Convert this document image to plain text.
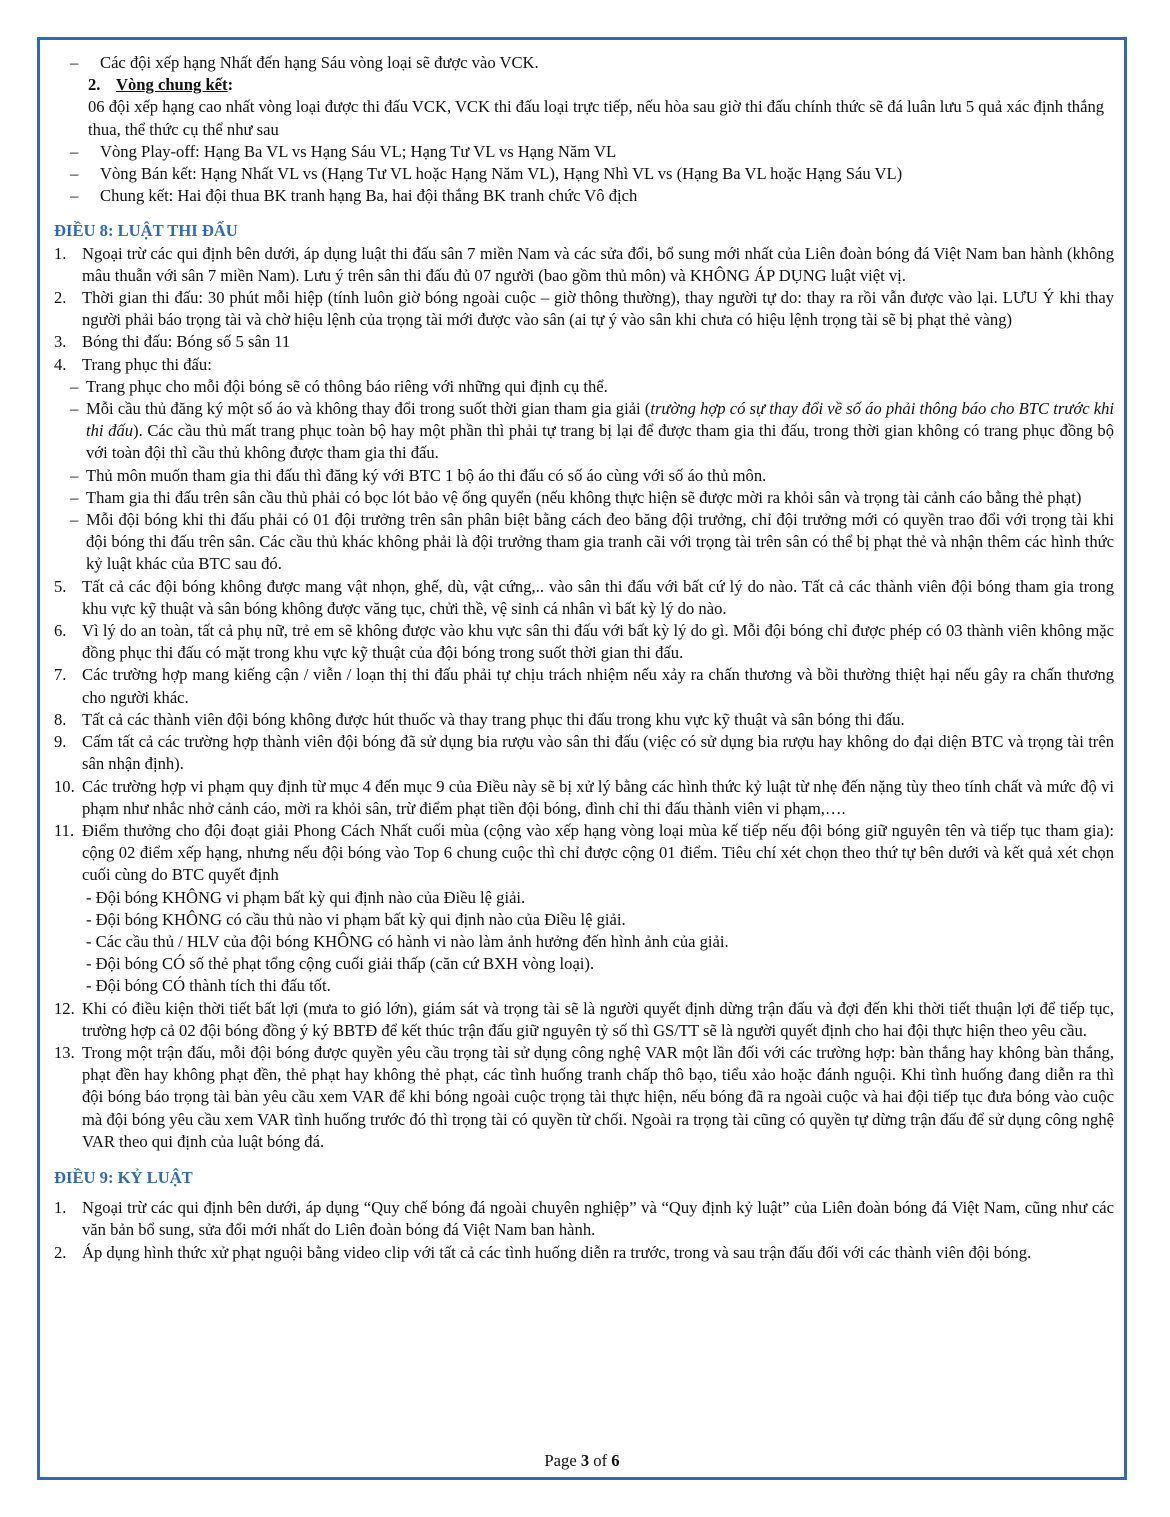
–	Các đội xếp hạng Nhất đến hạng Sáu vòng loại sẽ được vào VCK.
2. Vòng chung kết:

06 đội xếp hạng cao nhất vòng loại được thi đấu VCK, VCK thi đấu loại trực tiếp, nếu hòa sau giờ thi đấu chính thức sẽ đá luân lưu 5 quả xác định thắng thua, thể thức cụ thể như sau

–	Vòng Play-off: Hạng Ba VL vs Hạng Sáu VL; Hạng Tư VL vs Hạng Năm VL
–	Vòng Bán kết: Hạng Nhất VL vs (Hạng Tư VL hoặc Hạng Năm VL), Hạng Nhì VL vs (Hạng Ba VL hoặc Hạng Sáu VL)
–	Chung kết: Hai đội thua BK tranh hạng Ba, hai đội thắng BK tranh chức Vô địch
ĐIỀU 8: LUẬT THI ĐẤU
1. Ngoại trừ các qui định bên dưới, áp dụng luật thi đấu sân 7 miền Nam và các sửa đổi, bổ sung mới nhất của Liên đoàn bóng đá Việt Nam ban hành (không mâu thuẫn với sân 7 miền Nam). Lưu ý trên sân thi đấu đủ 07 người (bao gồm thủ môn) và KHÔNG ÁP DỤNG luật việt vị.
2. Thời gian thi đấu: 30 phút mỗi hiệp (tính luôn giờ bóng ngoài cuộc – giờ thông thường), thay người tự do: thay ra rồi vẫn được vào lại. LƯU Ý khi thay người phải báo trọng tài và chờ hiệu lệnh của trọng tài mới được vào sân (ai tự ý vào sân khi chưa có hiệu lệnh trọng tài sẽ bị phạt thẻ vàng)
3. Bóng thi đấu: Bóng số 5 sân 11
4. Trang phục thi đấu:
– Trang phục cho mỗi đội bóng sẽ có thông báo riêng với những qui định cụ thể.
– Mỗi cầu thủ đăng ký một số áo và không thay đổi trong suốt thời gian tham gia giải (trường hợp có sự thay đổi về số áo phải thông báo cho BTC trước khi thi đấu). Các cầu thủ mất trang phục toàn bộ hay một phần thì phải tự trang bị lại để được tham gia thi đấu, trong thời gian không có trang phục đồng bộ với toàn đội thì cầu thủ không được tham gia thi đấu.
– Thủ môn muốn tham gia thi đấu thì đăng ký với BTC 1 bộ áo thi đấu có số áo cùng với số áo thủ môn.
– Tham gia thi đấu trên sân cầu thủ phải có bọc lót bảo vệ ống quyển (nếu không thực hiện sẽ được mời ra khỏi sân và trọng tài cảnh cáo bằng thẻ phạt)
– Mỗi đội bóng khi thi đấu phải có 01 đội trưởng trên sân phân biệt bằng cách đeo băng đội trưởng, chỉ đội trưởng mới có quyền trao đổi với trọng tài khi đội bóng thi đấu trên sân. Các cầu thủ khác không phải là đội trưởng tham gia tranh cãi với trọng tài trên sân có thể bị phạt thẻ và nhận thêm các hình thức kỷ luật khác của BTC sau đó.
5. Tất cả các đội bóng không được mang vật nhọn, ghế, dù, vật cứng,.. vào sân thi đấu với bất cứ lý do nào. Tất cả các thành viên đội bóng tham gia trong khu vực kỹ thuật và sân bóng không được văng tục, chửi thề, vệ sinh cá nhân vì bất kỳ lý do nào.
6. Vì lý do an toàn, tất cả phụ nữ, trẻ em sẽ không được vào khu vực sân thi đấu với bất kỳ lý do gì. Mỗi đội bóng chỉ được phép có 03 thành viên không mặc đồng phục thi đấu có mặt trong khu vực kỹ thuật của đội bóng trong suốt thời gian thi đấu.
7. Các trường hợp mang kiếng cận / viễn / loạn thị thi đấu phải tự chịu trách nhiệm nếu xảy ra chấn thương và bồi thường thiệt hại nếu gây ra chấn thương cho người khác.
8. Tất cả các thành viên đội bóng không được hút thuốc và thay trang phục thi đấu trong khu vực kỹ thuật và sân bóng thi đấu.
9. Cấm tất cả các trường hợp thành viên đội bóng đã sử dụng bia rượu vào sân thi đấu (việc có sử dụng bia rượu hay không do đại diện BTC và trọng tài trên sân nhận định).
10. Các trường hợp vi phạm quy định từ mục 4 đến mục 9 của Điều này sẽ bị xử lý bằng các hình thức kỷ luật từ nhẹ đến nặng tùy theo tính chất và mức độ vi phạm như nhắc nhở cảnh cáo, mời ra khỏi sân, trừ điểm phạt tiền đội bóng, đình chỉ thi đấu thành viên vi phạm,….
11. Điểm thưởng cho đội đoạt giải Phong Cách Nhất cuối mùa (cộng vào xếp hạng vòng loại mùa kế tiếp nếu đội bóng giữ nguyên tên và tiếp tục tham gia): cộng 02 điểm xếp hạng, nhưng nếu đội bóng vào Top 6 chung cuộc thì chỉ được cộng 01 điểm. Tiêu chí xét chọn theo thứ tự bên dưới và kết quả xét chọn cuối cùng do BTC quyết định
- Đội bóng KHÔNG vi phạm bất kỳ qui định nào của Điều lệ giải.
- Đội bóng KHÔNG có cầu thủ nào vi phạm bất kỳ qui định nào của Điều lệ giải.
- Các cầu thủ / HLV của đội bóng KHÔNG có hành vi nào làm ảnh hưởng đến hình ảnh của giải.
- Đội bóng CÓ số thẻ phạt tổng cộng cuối giải thấp (căn cứ BXH vòng loại).
- Đội bóng CÓ thành tích thi đấu tốt.
12. Khi có điều kiện thời tiết bất lợi (mưa to gió lớn), giám sát và trọng tài sẽ là người quyết định dừng trận đấu và đợi đến khi thời tiết thuận lợi để tiếp tục, trường hợp cả 02 đội bóng đồng ý ký BBTĐ để kết thúc trận đấu giữ nguyên tỷ số thì GS/TT sẽ là người quyết định cho hai đội thực hiện theo yêu cầu.
13. Trong một trận đấu, mỗi đội bóng được quyền yêu cầu trọng tài sử dụng công nghệ VAR một lần đối với các trường hợp: bàn thắng hay không bàn thắng, phạt đền hay không phạt đền, thẻ phạt hay không thẻ phạt, các tình huống tranh chấp thô bạo, tiểu xảo hoặc đánh nguội. Khi tình huống đang diễn ra thì đội bóng báo trọng tài bàn yêu cầu xem VAR để khi bóng ngoài cuộc trọng tài thực hiện, nếu bóng đã ra ngoài cuộc và hai đội tiếp tục đưa bóng vào cuộc mà đội bóng yêu cầu xem VAR tình huống trước đó thì trọng tài có quyền từ chối. Ngoài ra trọng tài cũng có quyền tự dừng trận đấu để sử dụng công nghệ VAR theo qui định của luật bóng đá.
ĐIỀU 9: KỶ LUẬT
1. Ngoại trừ các qui định bên dưới, áp dụng “Quy chế bóng đá ngoài chuyên nghiệp” và “Quy định kỷ luật” của Liên đoàn bóng đá Việt Nam, cũng như các văn bản bổ sung, sửa đổi mới nhất do Liên đoàn bóng đá Việt Nam ban hành.
2. Áp dụng hình thức xử phạt nguội bằng video clip với tất cả các tình huống diễn ra trước, trong và sau trận đấu đối với các thành viên đội bóng.
Page 3 of 6
